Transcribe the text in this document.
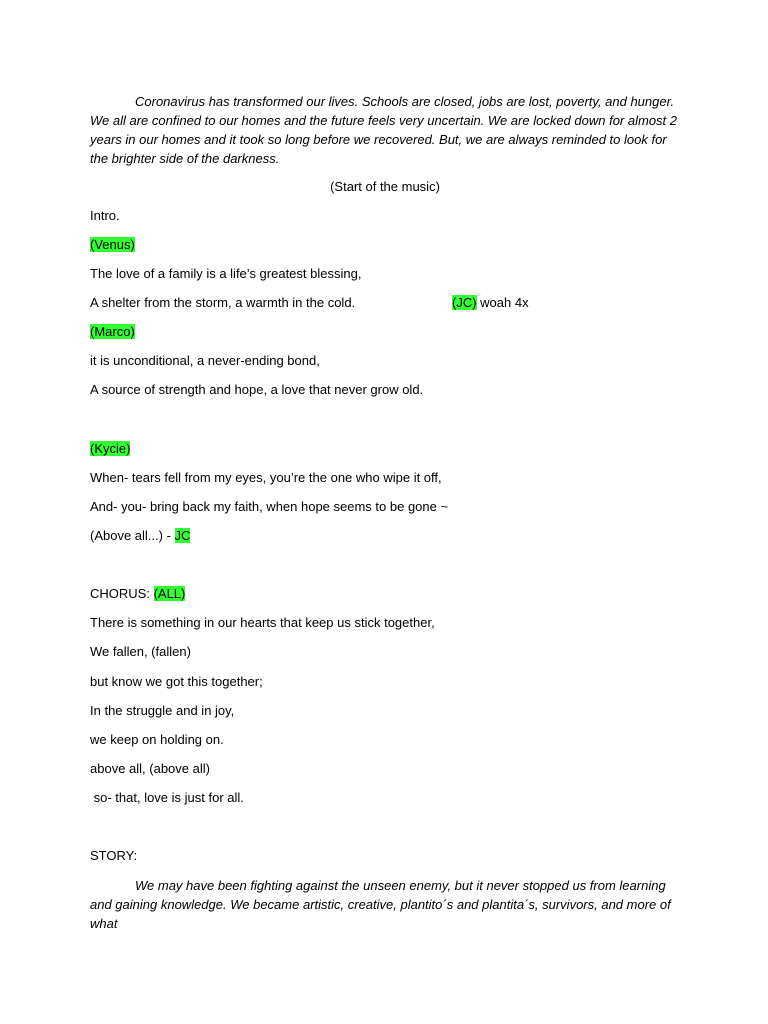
Coronavirus has transformed our lives. Schools are closed, jobs are lost, poverty, and hunger. We all are confined to our homes and the future feels very uncertain. We are locked down for almost 2 years in our homes and it took so long before we recovered. But, we are always reminded to look for the brighter side of the darkness.

(Start of the music)
Intro.
(Venus)
The love of a family is a life’s greatest blessing,
A shelter from the storm, a warmth in the cold.	(JC) woah 4x
(Marco)
it is unconditional, a never-ending bond,
A source of strength and hope, a love that never grow old.
(Kycie)
When- tears fell from my eyes, you’re the one who wipe it off,
And- you- bring back my faith, when hope seems to be gone ~
(Above all...) - JC
CHORUS: (ALL)
There is something in our hearts that keep us stick together,
We fallen, (fallen)
but know we got this together;
In the struggle and in joy,
we keep on holding on.
above all, (above all)
so- that, love is just for all.
STORY:

We may have been fighting against the unseen enemy, but it never stopped us from learning and gaining knowledge. We became artistic, creative, plantito´s and plantita´s, survivors, and more of what
